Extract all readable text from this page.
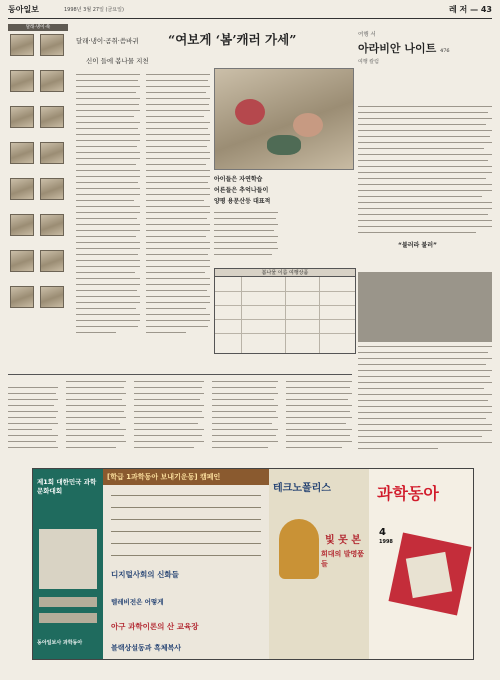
동아일보	1998년 3월 27일 (금요일)	레 저 — 43
달래·냉이·쑥
달래·냉이·곰취·씀바귀 “여보게 ‘봄’캐러 가세”
신이 들에 봄나물 지천
아이들은 자연학습
어른들은 추억나들이
양평 용문산등 대표적
봄나물 이름 여행상품
여행 서
아라비안 나이트 476
여행 칼럼
“불러라 불러”
제1회 대한민국 과학문화대회
동아일보사 과학동아
[학급 1과학동아 보내기운동] 캠페인
디지털사회의 신화들
텔레비전은 어떻게
아구 과학이론의 산 교육장
블랙상설동과 흑체복사
테크노폴리스
빛 못 본
희대의 발명품들
과학동아
4
1998
